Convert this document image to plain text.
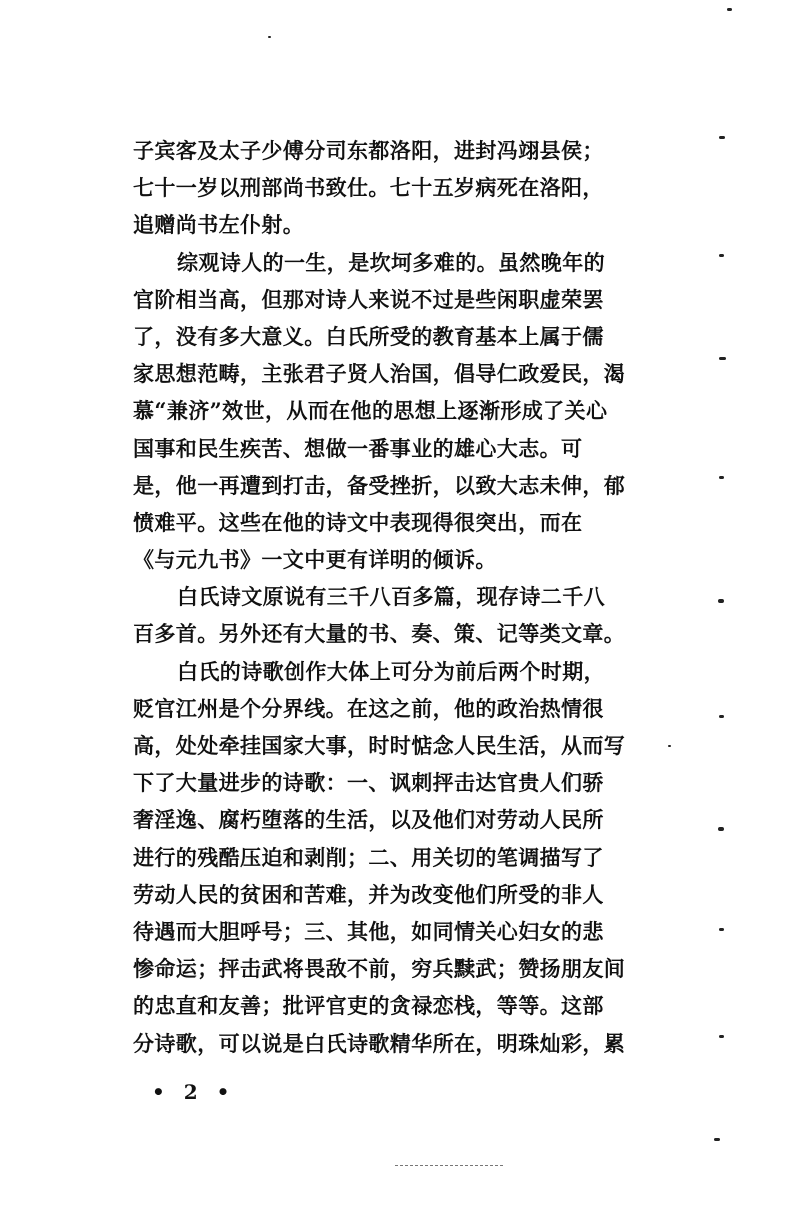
子宾客及太子少傅分司东都洛阳，进封冯翊县侯；
七十一岁以刑部尚书致仕。七十五岁病死在洛阳，
追赠尚书左仆射。
综观诗人的一生，是坎坷多难的。虽然晚年的
官阶相当高，但那对诗人来说不过是些闲职虚荣罢
了，没有多大意义。白氏所受的教育基本上属于儒
家思想范畴，主张君子贤人治国，倡导仁政爱民，渴
慕“兼济”效世，从而在他的思想上逐渐形成了关心
国事和民生疾苦、想做一番事业的雄心大志。可
是，他一再遭到打击，备受挫折，以致大志未伸，郁
愤难平。这些在他的诗文中表现得很突出，而在
《与元九书》一文中更有详明的倾诉。
白氏诗文原说有三千八百多篇，现存诗二千八
百多首。另外还有大量的书、奏、策、记等类文章。
白氏的诗歌创作大体上可分为前后两个时期，
贬官江州是个分界线。在这之前，他的政治热情很
高，处处牵挂国家大事，时时惦念人民生活，从而写
下了大量进步的诗歌：一、讽刺抨击达官贵人们骄
奢淫逸、腐朽堕落的生活，以及他们对劳动人民所
进行的残酷压迫和剥削；二、用关切的笔调描写了
劳动人民的贫困和苦难，并为改变他们所受的非人
待遇而大胆呼号；三、其他，如同情关心妇女的悲
惨命运；抨击武将畏敌不前，穷兵黩武；赞扬朋友间
的忠直和友善；批评官吏的贪禄恋栈，等等。这部
分诗歌，可以说是白氏诗歌精华所在，明珠灿彩，累
• 2 •
